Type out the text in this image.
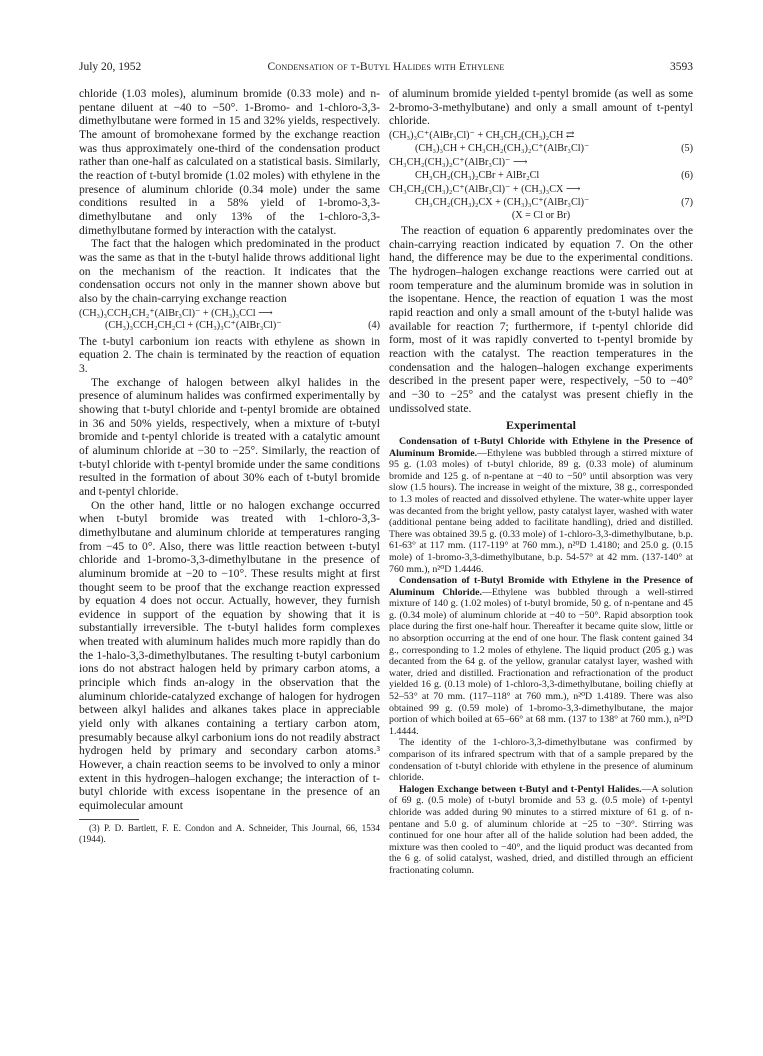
July 20, 1952	Condensation of t-Butyl Halides with Ethylene	3593

chloride (1.03 moles), aluminum bromide (0.33 mole) and n-pentane diluent at −40 to −50°. 1-Bromo- and 1-chloro-3,3-dimethylbutane were formed in 15 and 32% yields, respectively. The amount of bromohexane formed by the exchange reaction was thus approximately one-third of the condensation product rather than one-half as calculated on a statistical basis. Similarly, the reaction of t-butyl bromide (1.02 moles) with ethylene in the presence of aluminum chloride (0.34 mole) under the same conditions resulted in a 58% yield of 1-bromo-3,3-dimethylbutane and only 13% of the 1-chloro-3,3-dimethylbutane formed by interaction with the catalyst.

The fact that the halogen which predominated in the product was the same as that in the t-butyl halide throws additional light on the mechanism of the reaction. It indicates that the condensation occurs not only in the manner shown above but also by the chain-carrying exchange reaction

(CH₃)₃CCH₂CH₂⁺(AlBr₃Cl)⁻ + (CH₃)₃CCl ⟶
(CH₃)₃CCH₂CH₂Cl + (CH₃)₃C⁺(AlBr₃Cl)⁻	(4)

The t-butyl carbonium ion reacts with ethylene as shown in equation 2. The chain is terminated by the reaction of equation 3.

The exchange of halogen between alkyl halides in the presence of aluminum halides was confirmed experimentally by showing that t-butyl chloride and t-pentyl bromide are obtained in 36 and 50% yields, respectively, when a mixture of t-butyl bromide and t-pentyl chloride is treated with a catalytic amount of aluminum chloride at −30 to −25°. Similarly, the reaction of t-butyl chloride with t-pentyl bromide under the same conditions resulted in the formation of about 30% each of t-butyl bromide and t-pentyl chloride.

On the other hand, little or no halogen exchange occurred when t-butyl bromide was treated with 1-chloro-3,3-dimethylbutane and aluminum chloride at temperatures ranging from −45 to 0°. Also, there was little reaction between t-butyl chloride and 1-bromo-3,3-dimethylbutane in the presence of aluminum bromide at −20 to −10°. These results might at first thought seem to be proof that the exchange reaction expressed by equation 4 does not occur. Actually, however, they furnish evidence in support of the equation by showing that it is substantially irreversible. The t-butyl halides form complexes when treated with aluminum halides much more rapidly than do the 1-halo-3,3-dimethylbutanes. The resulting t-butyl carbonium ions do not abstract halogen held by primary carbon atoms, a principle which finds an-alogy in the observation that the aluminum chloride-catalyzed exchange of halogen for hydrogen between alkyl halides and alkanes takes place in appreciable yield only with alkanes containing a tertiary carbon atom, presumably because alkyl carbonium ions do not readily abstract hydrogen held by primary and secondary carbon atoms.³ However, a chain reaction seems to be involved to only a minor extent in this hydrogen–halogen exchange; the interaction of t-butyl chloride with excess isopentane in the presence of an equimolecular amount

(3) P. D. Bartlett, F. E. Condon and A. Schneider, This Journal, 66, 1534 (1944).

of aluminum bromide yielded t-pentyl bromide (as well as some 2-bromo-3-methylbutane) and only a small amount of t-pentyl chloride.

(CH₃)₃C⁺(AlBr₃Cl)⁻ + CH₃CH₂(CH₃)₂CH ⇄
(CH₃)₃CH + CH₃CH₂(CH₃)₂C⁺(AlBr₃Cl)⁻	(5)
CH₃CH₂(CH₃)₂C⁺(AlBr₃Cl)⁻ ⟶
CH₃CH₂(CH₃)₂CBr + AlBr₂Cl	(6)
CH₃CH₂(CH₃)₂C⁺(AlBr₃Cl)⁻ + (CH₃)₃CX ⟶
CH₃CH₂(CH₃)₂CX + (CH₃)₃C⁺(AlBr₃Cl)⁻	(7)
(X = Cl or Br)

The reaction of equation 6 apparently predominates over the chain-carrying reaction indicated by equation 7. On the other hand, the difference may be due to the experimental conditions. The hydrogen–halogen exchange reactions were carried out at room temperature and the aluminum bromide was in solution in the isopentane. Hence, the reaction of equation 1 was the most rapid reaction and only a small amount of the t-butyl halide was available for reaction 7; furthermore, if t-pentyl chloride did form, most of it was rapidly converted to t-pentyl bromide by reaction with the catalyst. The reaction temperatures in the condensation and the halogen–halogen exchange experiments described in the present paper were, respectively, −50 to −40° and −30 to −25° and the catalyst was present chiefly in the undissolved state.

Experimental

Condensation of t-Butyl Chloride with Ethylene in the Presence of Aluminum Bromide.—Ethylene was bubbled through a stirred mixture of 95 g. (1.03 moles) of t-butyl chloride, 89 g. (0.33 mole) of aluminum bromide and 125 g. of n-pentane at −40 to −50° until absorption was very slow (1.5 hours). The increase in weight of the mixture, 38 g., corresponded to 1.3 moles of reacted and dissolved ethylene. The water-white upper layer was decanted from the bright yellow, pasty catalyst layer, washed with water (additional pentane being added to facilitate handling), dried and distilled. There was obtained 39.5 g. (0.33 mole) of 1-chloro-3,3-dimethylbutane, b.p. 61-63° at 117 mm. (117-119° at 760 mm.), n²⁰D 1.4180; and 25.0 g. (0.15 mole) of 1-bromo-3,3-dimethylbutane, b.p. 54-57° at 42 mm. (137-140° at 760 mm.), n²⁰D 1.4446.

Condensation of t-Butyl Bromide with Ethylene in the Presence of Aluminum Chloride.—Ethylene was bubbled through a well-stirred mixture of 140 g. (1.02 moles) of t-butyl bromide, 50 g. of n-pentane and 45 g. (0.34 mole) of aluminum chloride at −40 to −50°. Rapid absorption took place during the first one-half hour. Thereafter it became quite slow, little or no absorption occurring at the end of one hour. The flask content gained 34 g., corresponding to 1.2 moles of ethylene. The liquid product (205 g.) was decanted from the 64 g. of the yellow, granular catalyst layer, washed with water, dried and distilled. Fractionation and refractionation of the product yielded 16 g. (0.13 mole) of 1-chloro-3,3-dimethylbutane, boiling chiefly at 52–53° at 70 mm. (117–118° at 760 mm.), n²⁰D 1.4189. There was also obtained 99 g. (0.59 mole) of 1-bromo-3,3-dimethylbutane, the major portion of which boiled at 65–66° at 68 mm. (137 to 138° at 760 mm.), n²⁰D 1.4444.

The identity of the 1-chloro-3,3-dimethylbutane was confirmed by comparison of its infrared spectrum with that of a sample prepared by the condensation of t-butyl chloride with ethylene in the presence of aluminum chloride.

Halogen Exchange between t-Butyl and t-Pentyl Halides.—A solution of 69 g. (0.5 mole) of t-butyl bromide and 53 g. (0.5 mole) of t-pentyl chloride was added during 90 minutes to a stirred mixture of 61 g. of n-pentane and 5.0 g. of aluminum chloride at −25 to −30°. Stirring was continued for one hour after all of the halide solution had been added, the mixture was then cooled to −40°, and the liquid product was decanted from the 6 g. of solid catalyst, washed, dried, and distilled through an efficient fractionating column.
